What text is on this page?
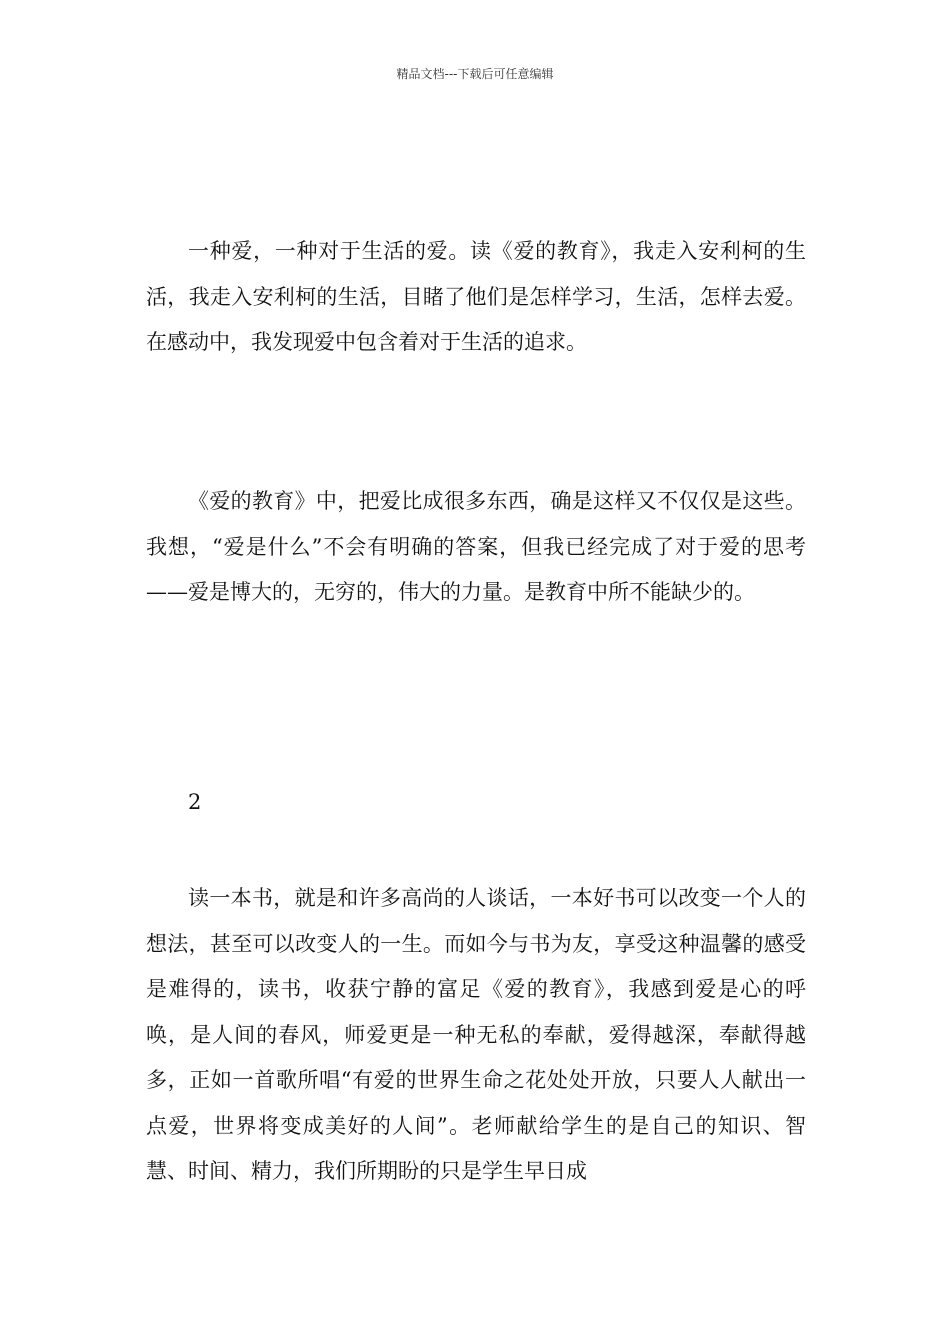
精品文档---下载后可任意编辑

一种爱，一种对于生活的爱。读《爱的教育》，我走入安利柯的生活，我走入安利柯的生活，目睹了他们是怎样学习，生活，怎样去爱。在感动中，我发现爱中包含着对于生活的追求。

《爱的教育》中，把爱比成很多东西，确是这样又不仅仅是这些。我想，“爱是什么”不会有明确的答案，但我已经完成了对于爱的思考——爱是博大的，无穷的，伟大的力量。是教育中所不能缺少的。

2

读一本书，就是和许多高尚的人谈话，一本好书可以改变一个人的想法，甚至可以改变人的一生。而如今与书为友，享受这种温馨的感受是难得的，读书，收获宁静的富足《爱的教育》，我感到爱是心的呼唤，是人间的春风，师爱更是一种无私的奉献，爱得越深，奉献得越多，正如一首歌所唱“有爱的世界生命之花处处开放，只要人人献出一点爱，世界将变成美好的人间”。老师献给学生的是自己的知识、智慧、时间、精力，我们所期盼的只是学生早日成
